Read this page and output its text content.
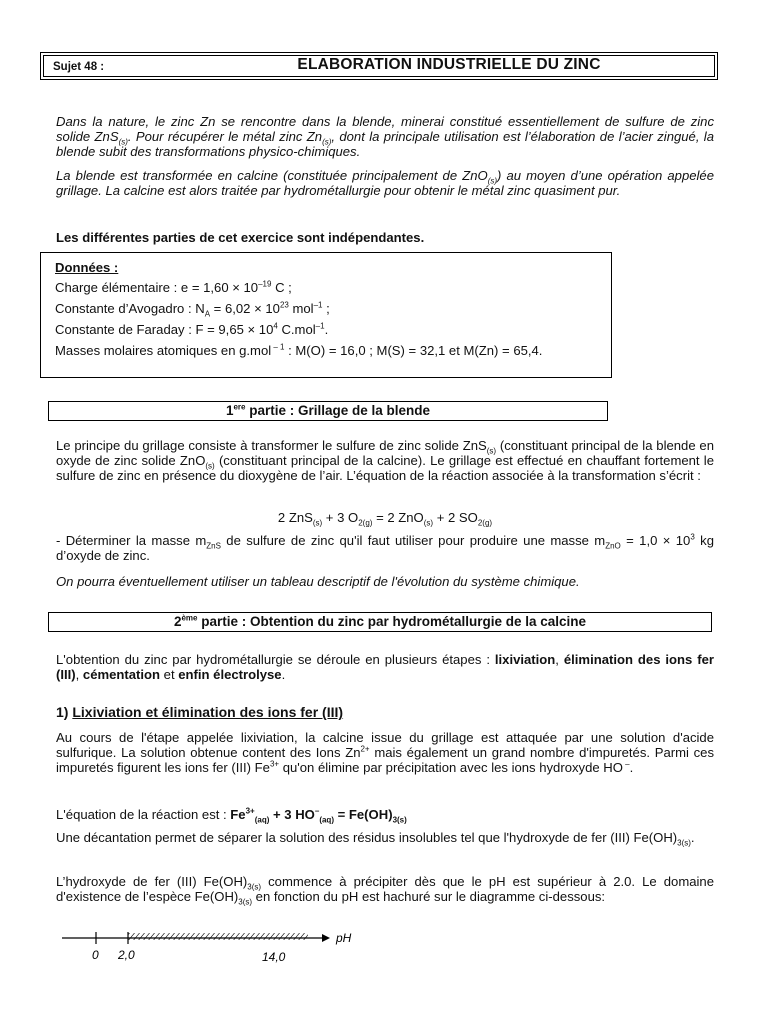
Sujet 48 :	ELABORATION INDUSTRIELLE DU ZINC
Dans la nature, le zinc Zn se rencontre dans la blende, minerai constitué essentiellement de sulfure de zinc solide ZnS$_{(s)}$. Pour récupérer le métal zinc $Zn_{(s)}$, dont la principale utilisation est l’élaboration de l’acier zingué, la blende subit des transformations physico-chimiques.
La blende est transformée en calcine (constituée principalement de ZnO$_{(s)}$) au moyen d’une opération appelée grillage. La calcine est alors traitée par hydrométallurgie pour obtenir le métal zinc quasiment pur.
Les différentes parties de cet exercice sont indépendantes.
Données :
Charge élémentaire : $e = 1,60 \times 10^{-19}$ C ;
Constante d’Avogadro : $N_A = 6,02 \times 10^{23}$ mol$^{-1}$ ;
Constante de Faraday : $F = 9,65 \times 10^4$ C.mol$^{-1}$.
Masses molaires atomiques en g.mol $^{- 1}$ : M(O) = 16,0 ; M(S) = 32,1 et M(Zn) = 65,4.
1ere partie : Grillage de la blende
Le principe du grillage consiste à transformer le sulfure de zinc solide ZnS$_{(s)}$ (constituant principal de la blende en oxyde de zinc solide ZnO$_{(s)}$ (constituant principal de la calcine). Le grillage est effectué en chauffant fortement le sulfure de zinc en présence du dioxygène de l’air. L’équation de la réaction associée à la transformation s’écrit :
2 ZnS$_{(s)}$ + 3 $O_{2(g)} = 2$ ZnO$_{(s)}$ + 2 $SO_{2(g)}$
- Déterminer la masse $m_{ZnS}$ de sulfure de zinc qu'il faut utiliser pour produire une masse $m_{ZnO} = 1,0 \times 10^3$ kg d’oxyde de zinc.
On pourra éventuellement utiliser un tableau descriptif de l'évolution du système chimique.
2ème partie : Obtention du zinc par hydrométallurgie de la calcine
L'obtention du zinc par hydrométallurgie se déroule en plusieurs étapes : lixiviation, élimination des ions fer (III), cémentation et enfin électrolyse.
1) Lixiviation et élimination des ions fer (III)
Au cours de l'étape appelée lixiviation, la calcine issue du grillage est attaquée par une solution d'acide sulfurique. La solution obtenue content des Ions $Zn^{2+}$ mais également un grand nombre d'impuretés. Parmi ces impuretés figurent les ions fer (III) $Fe^{3+}$ qu'on élimine par précipitation avec les ions hydroxyde HO –.
L'équation de la réaction est : $Fe^{3+}_{(aq)} + 3$ $HO^-_{(aq)} = Fe(OH)_{3(s)}$
Une décantation permet de séparer la solution des résidus insolubles tel que l'hydroxyde de fer (III) $Fe(OH)_{3(s)}$.
L’hydroxyde de fer (III) $Fe(OH)_{3(s)}$ commence à précipiter dès que le pH est supérieur à 2.0. Le domaine d'existence de l’espèce $Fe(OH)_{3(s)}$ en fonction du pH est hachuré sur le diagramme ci-dessous:
pH
0 2,0	14,0
